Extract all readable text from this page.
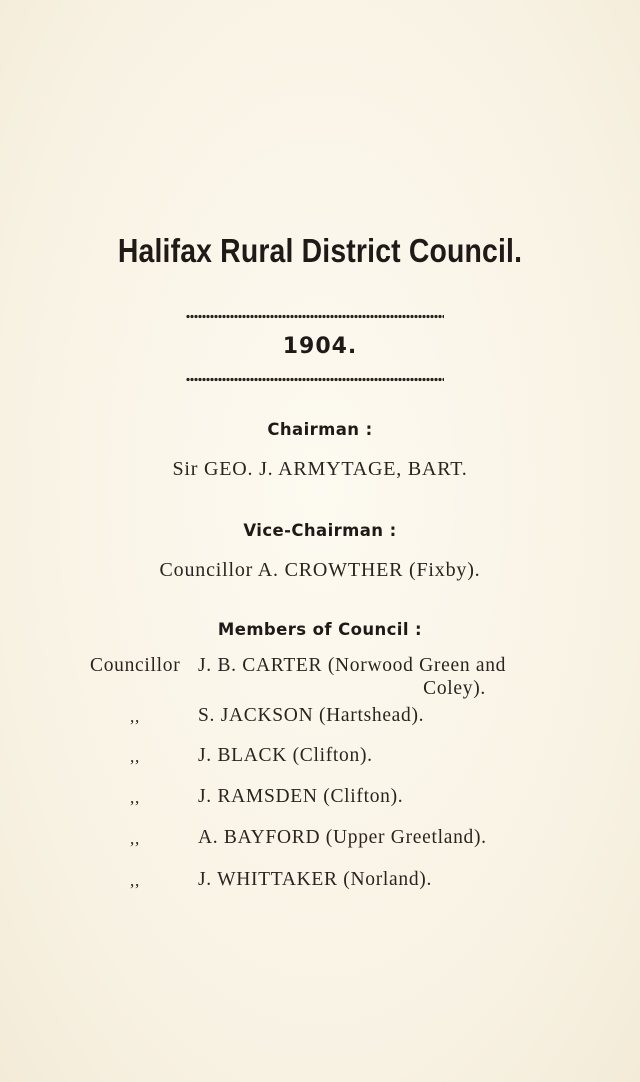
Halifax Rural District Council.
1904.
Chairman :
Sir GEO. J. ARMYTAGE, BART.
Vice-Chairman :
Councillor A. CROWTHER (Fixby).
Members of Council :
Councillor J. B. CARTER (Norwood Green and
Coley).
,,	S. JACKSON (Hartshead).
,,	J. BLACK (Clifton).
,,	J. RAMSDEN (Clifton).
,,	A. BAYFORD (Upper Greetland).
,,	J. WHITTAKER (Norland).
